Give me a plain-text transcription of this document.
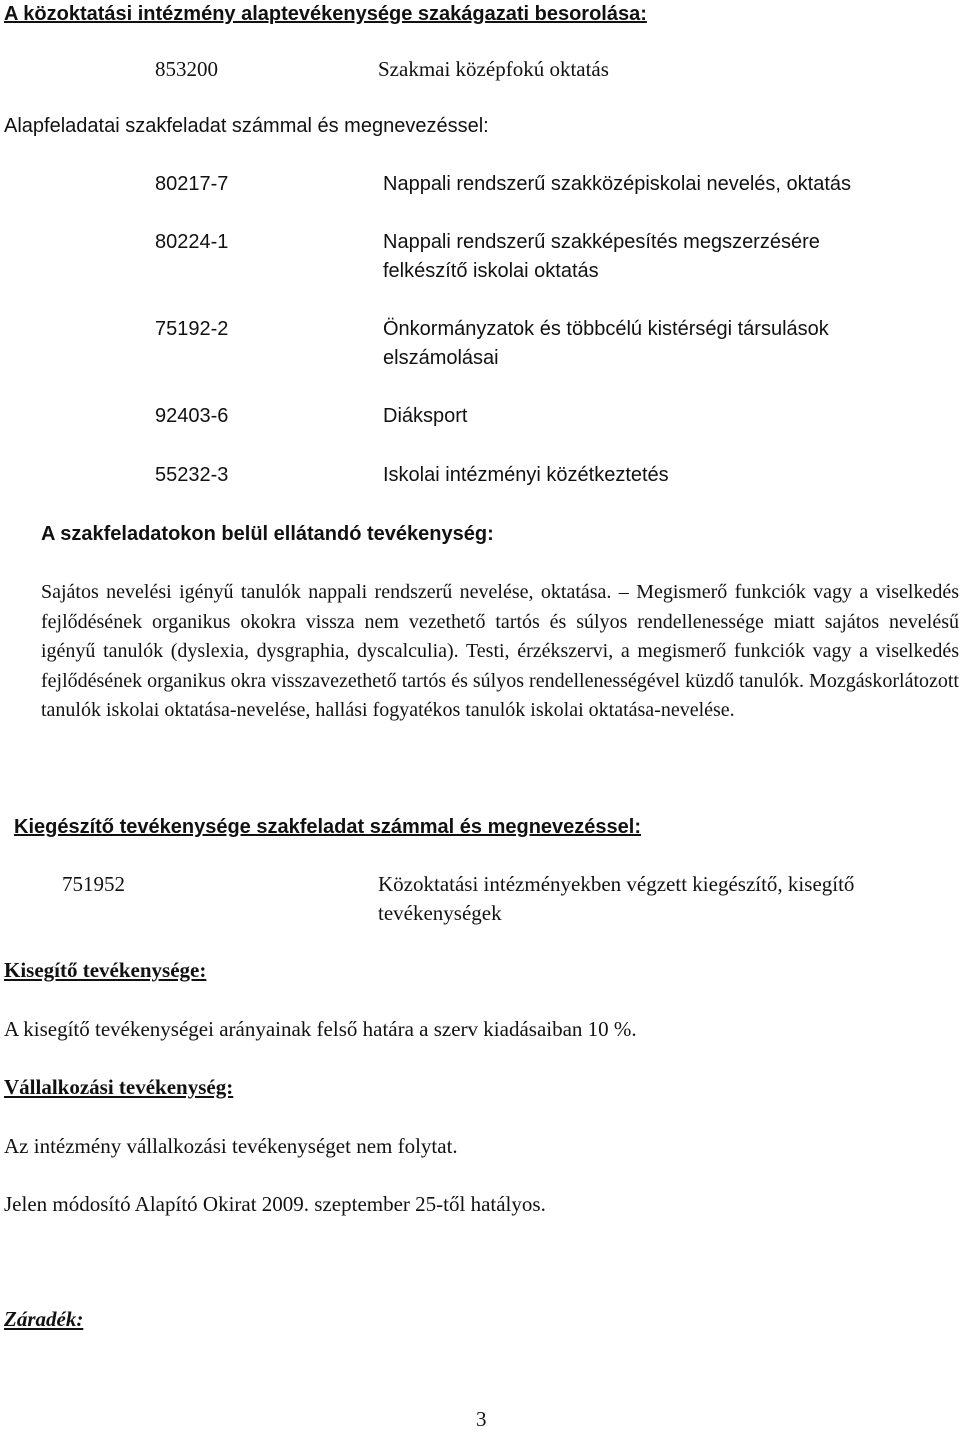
A közoktatási intézmény alaptevékenysége szakágazati besorolása:
853200	Szakmai középfokú oktatás
Alapfeladatai szakfeladat számmal és megnevezéssel:
80217-7	Nappali rendszerű szakközépiskolai nevelés, oktatás
80224-1	Nappali rendszerű szakképesítés megszerzésére felkészítő iskolai oktatás
75192-2	Önkormányzatok és többcélú kistérségi társulások elszámolásai
92403-6	Diáksport
55232-3	Iskolai intézményi közétkeztetés
A szakfeladatokon belül ellátandó tevékenység:

Sajátos nevelési igényű tanulók nappali rendszerű nevelése, oktatása. – Megismerő funkciók vagy a viselkedés fejlődésének organikus okokra vissza nem vezethető tartós és súlyos rendellenessége miatt sajátos nevelésű igényű tanulók (dyslexia, dysgraphia, dyscalculia). Testi, érzékszervi, a megismerő funkciók vagy a viselkedés fejlődésének organikus okra visszavezethető tartós és súlyos rendellenességével küzdő tanulók. Mozgáskorlátozott tanulók iskolai oktatása-nevelése, hallási fogyatékos tanulók iskolai oktatása-nevelése.

Kiegészítő tevékenysége szakfeladat számmal és megnevezéssel:
751952	Közoktatási intézményekben végzett kiegészítő, kisegítő tevékenységek
Kisegítő tevékenysége:
A kisegítő tevékenységei arányainak felső határa a szerv kiadásaiban 10 %.
Vállalkozási tevékenység:
Az intézmény vállalkozási tevékenységet nem folytat.
Jelen módosító Alapító Okirat 2009. szeptember 25-től hatályos.
Záradék:
3
